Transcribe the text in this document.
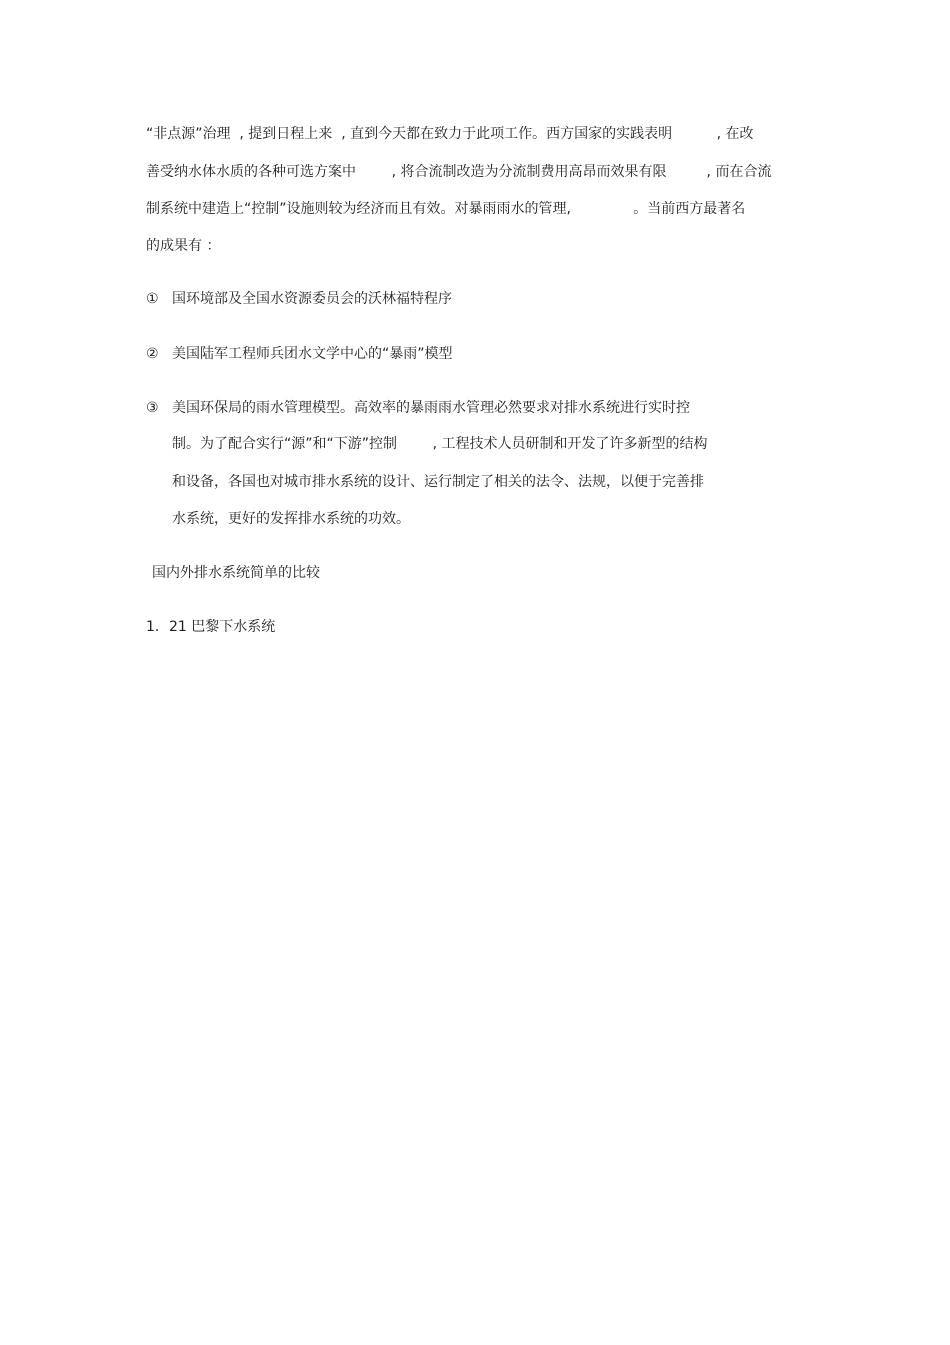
“非点源”治理  , 提到日程上来  , 直到今天都在致力于此项工作。西方国家的实践表明          , 在改
善受纳水体水质的各种可选方案中        , 将合流制改造为分流制费用高昂而效果有限         , 而在合流
制系统中建造上“控制”设施则较为经济而且有效。对暴雨雨水的管理,              。当前西方最著名
的成果有 ：
① 国环境部及全国水资源委员会的沃林福特程序
② 美国陆军工程师兵团水文学中心的“暴雨”模型
③ 美国环保局的雨水管理模型。高效率的暴雨雨水管理必然要求对排水系统进行实时控
制。为了配合实行“源”和“下游”控制        , 工程技术人员研制和开发了许多新型的结构
和设备，各国也对城市排水系统的设计、运行制定了相关的法令、法规，以便于完善排
水系统，更好的发挥排水系统的功效。
国内外排水系统简单的比较
1. 21 巴黎下水系统
